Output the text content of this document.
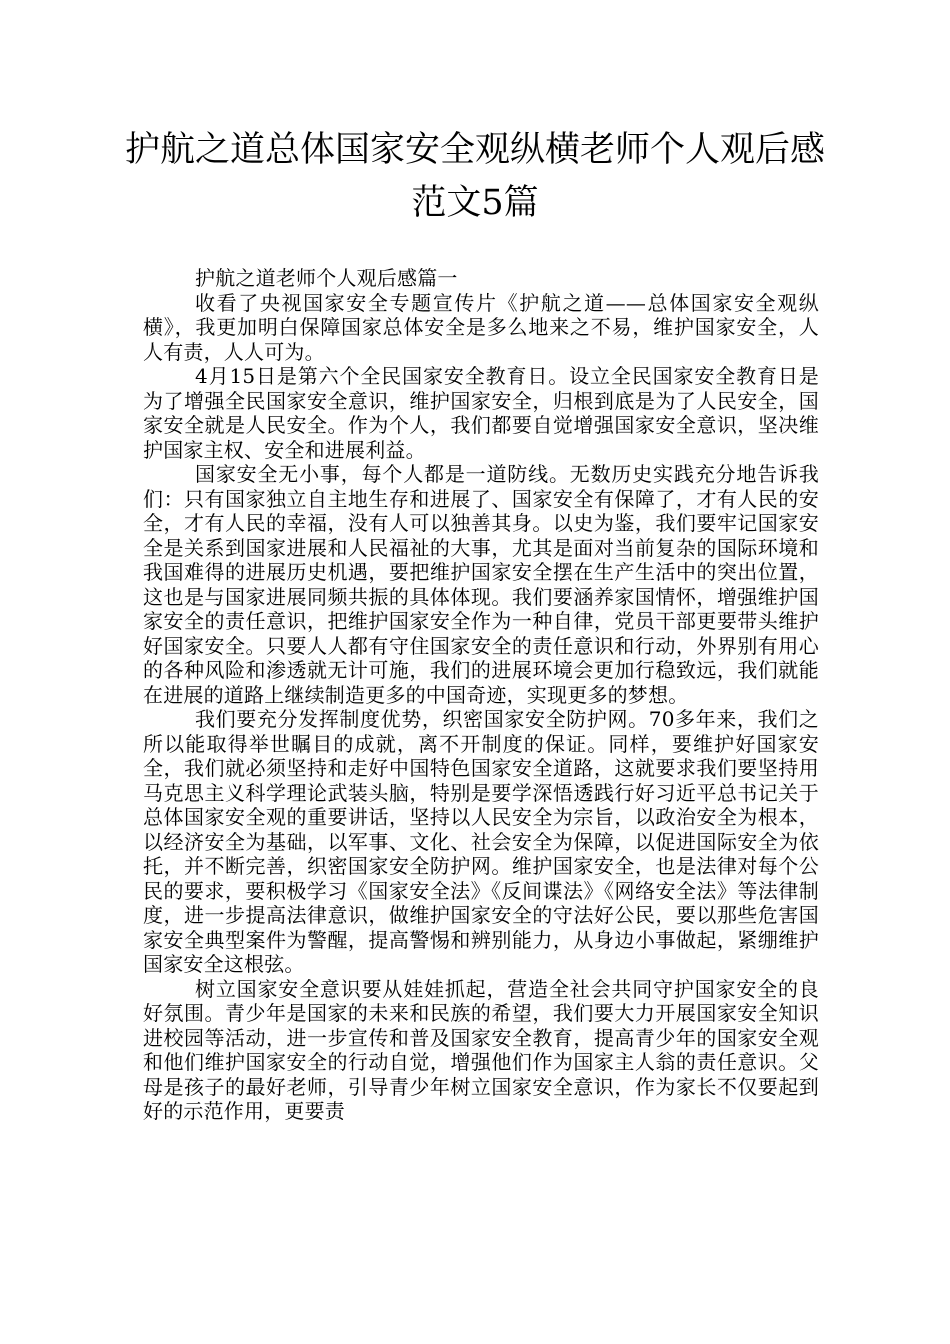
护航之道总体国家安全观纵横老师个人观后感范文5篇

护航之道老师个人观后感篇一

收看了央视国家安全专题宣传片《护航之道——总体国家安全观纵横》，我更加明白保障国家总体安全是多么地来之不易，维护国家安全，人人有责，人人可为。

4月15日是第六个全民国家安全教育日。设立全民国家安全教育日是为了增强全民国家安全意识，维护国家安全，归根到底是为了人民安全，国家安全就是人民安全。作为个人，我们都要自觉增强国家安全意识，坚决维护国家主权、安全和进展利益。

国家安全无小事，每个人都是一道防线。无数历史实践充分地告诉我们：只有国家独立自主地生存和进展了、国家安全有保障了，才有人民的安全，才有人民的幸福，没有人可以独善其身。以史为鉴，我们要牢记国家安全是关系到国家进展和人民福祉的大事，尤其是面对当前复杂的国际环境和我国难得的进展历史机遇，要把维护国家安全摆在生产生活中的突出位置，这也是与国家进展同频共振的具体体现。我们要涵养家国情怀，增强维护国家安全的责任意识，把维护国家安全作为一种自律，党员干部更要带头维护好国家安全。只要人人都有守住国家安全的责任意识和行动，外界别有用心的各种风险和渗透就无计可施，我们的进展环境会更加行稳致远，我们就能在进展的道路上继续制造更多的中国奇迹，实现更多的梦想。

我们要充分发挥制度优势，织密国家安全防护网。70多年来，我们之所以能取得举世瞩目的成就，离不开制度的保证。同样，要维护好国家安全，我们就必须坚持和走好中国特色国家安全道路，这就要求我们要坚持用马克思主义科学理论武装头脑，特别是要学深悟透践行好习近平总书记关于总体国家安全观的重要讲话，坚持以人民安全为宗旨，以政治安全为根本，以经济安全为基础，以军事、文化、社会安全为保障，以促进国际安全为依托，并不断完善，织密国家安全防护网。维护国家安全，也是法律对每个公民的要求，要积极学习《国家安全法》《反间谍法》《网络安全法》等法律制度，进一步提高法律意识，做维护国家安全的守法好公民，要以那些危害国家安全典型案件为警醒，提高警惕和辨别能力，从身边小事做起，紧绷维护国家安全这根弦。

树立国家安全意识要从娃娃抓起，营造全社会共同守护国家安全的良好氛围。青少年是国家的未来和民族的希望，我们要大力开展国家安全知识进校园等活动，进一步宣传和普及国家安全教育，提高青少年的国家安全观和他们维护国家安全的行动自觉，增强他们作为国家主人翁的责任意识。父母是孩子的最好老师，引导青少年树立国家安全意识，作为家长不仅要起到好的示范作用，更要责
